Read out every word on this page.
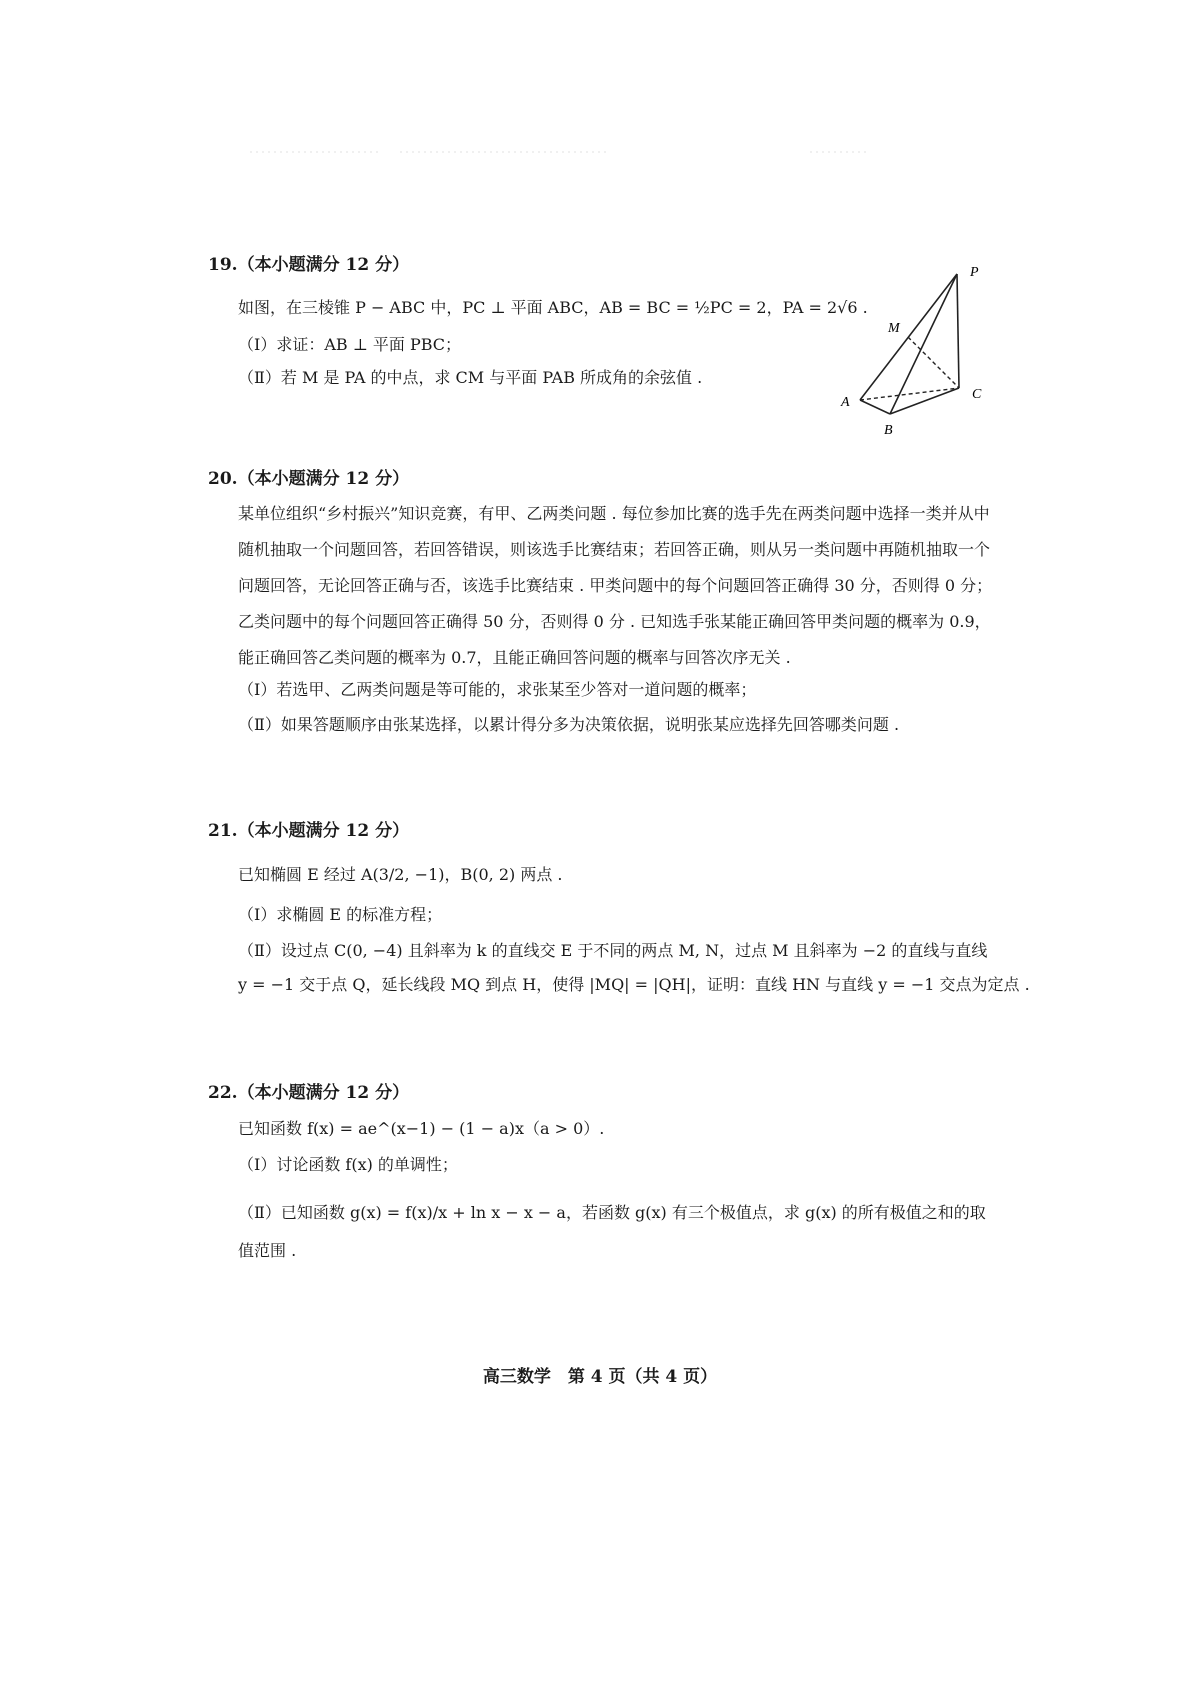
19.（本小题满分 12 分）
如图，在三棱锥 P − ABC 中，PC ⊥ 平面 ABC，AB = BC = ½PC = 2，PA = 2√6 .
（Ⅰ）求证：AB ⊥ 平面 PBC；
（Ⅱ）若 M 是 PA 的中点，求 CM 与平面 PAB 所成角的余弦值 .
P
M
A
B
C
20.（本小题满分 12 分）
某单位组织“乡村振兴”知识竞赛，有甲、乙两类问题 . 每位参加比赛的选手先在两类问题中选择一类并从中随机抽取一个问题回答，若回答错误，则该选手比赛结束；若回答正确，则从另一类问题中再随机抽取一个问题回答，无论回答正确与否，该选手比赛结束 . 甲类问题中的每个问题回答正确得 30 分，否则得 0 分；乙类问题中的每个问题回答正确得 50 分，否则得 0 分 . 已知选手张某能正确回答甲类问题的概率为 0.9，能正确回答乙类问题的概率为 0.7，且能正确回答问题的概率与回答次序无关 .
（Ⅰ）若选甲、乙两类问题是等可能的，求张某至少答对一道问题的概率；
（Ⅱ）如果答题顺序由张某选择，以累计得分多为决策依据，说明张某应选择先回答哪类问题 .
21.（本小题满分 12 分）
已知椭圆 E 经过 A(3/2, −1)，B(0, 2) 两点 .
（Ⅰ）求椭圆 E 的标准方程；
（Ⅱ）设过点 C(0, −4) 且斜率为 k 的直线交 E 于不同的两点 M, N，过点 M 且斜率为 −2 的直线与直线
y = −1 交于点 Q，延长线段 MQ 到点 H，使得 |MQ| = |QH|，证明：直线 HN 与直线 y = −1 交点为定点 .
22.（本小题满分 12 分）
已知函数 f(x) = ae^(x−1) − (1 − a)x（a > 0）.
（Ⅰ）讨论函数 f(x) 的单调性；
（Ⅱ）已知函数 g(x) = f(x)/x + ln x − x − a，若函数 g(x) 有三个极值点，求 g(x) 的所有极值之和的取
值范围 .
高三数学　第 4 页（共 4 页）
